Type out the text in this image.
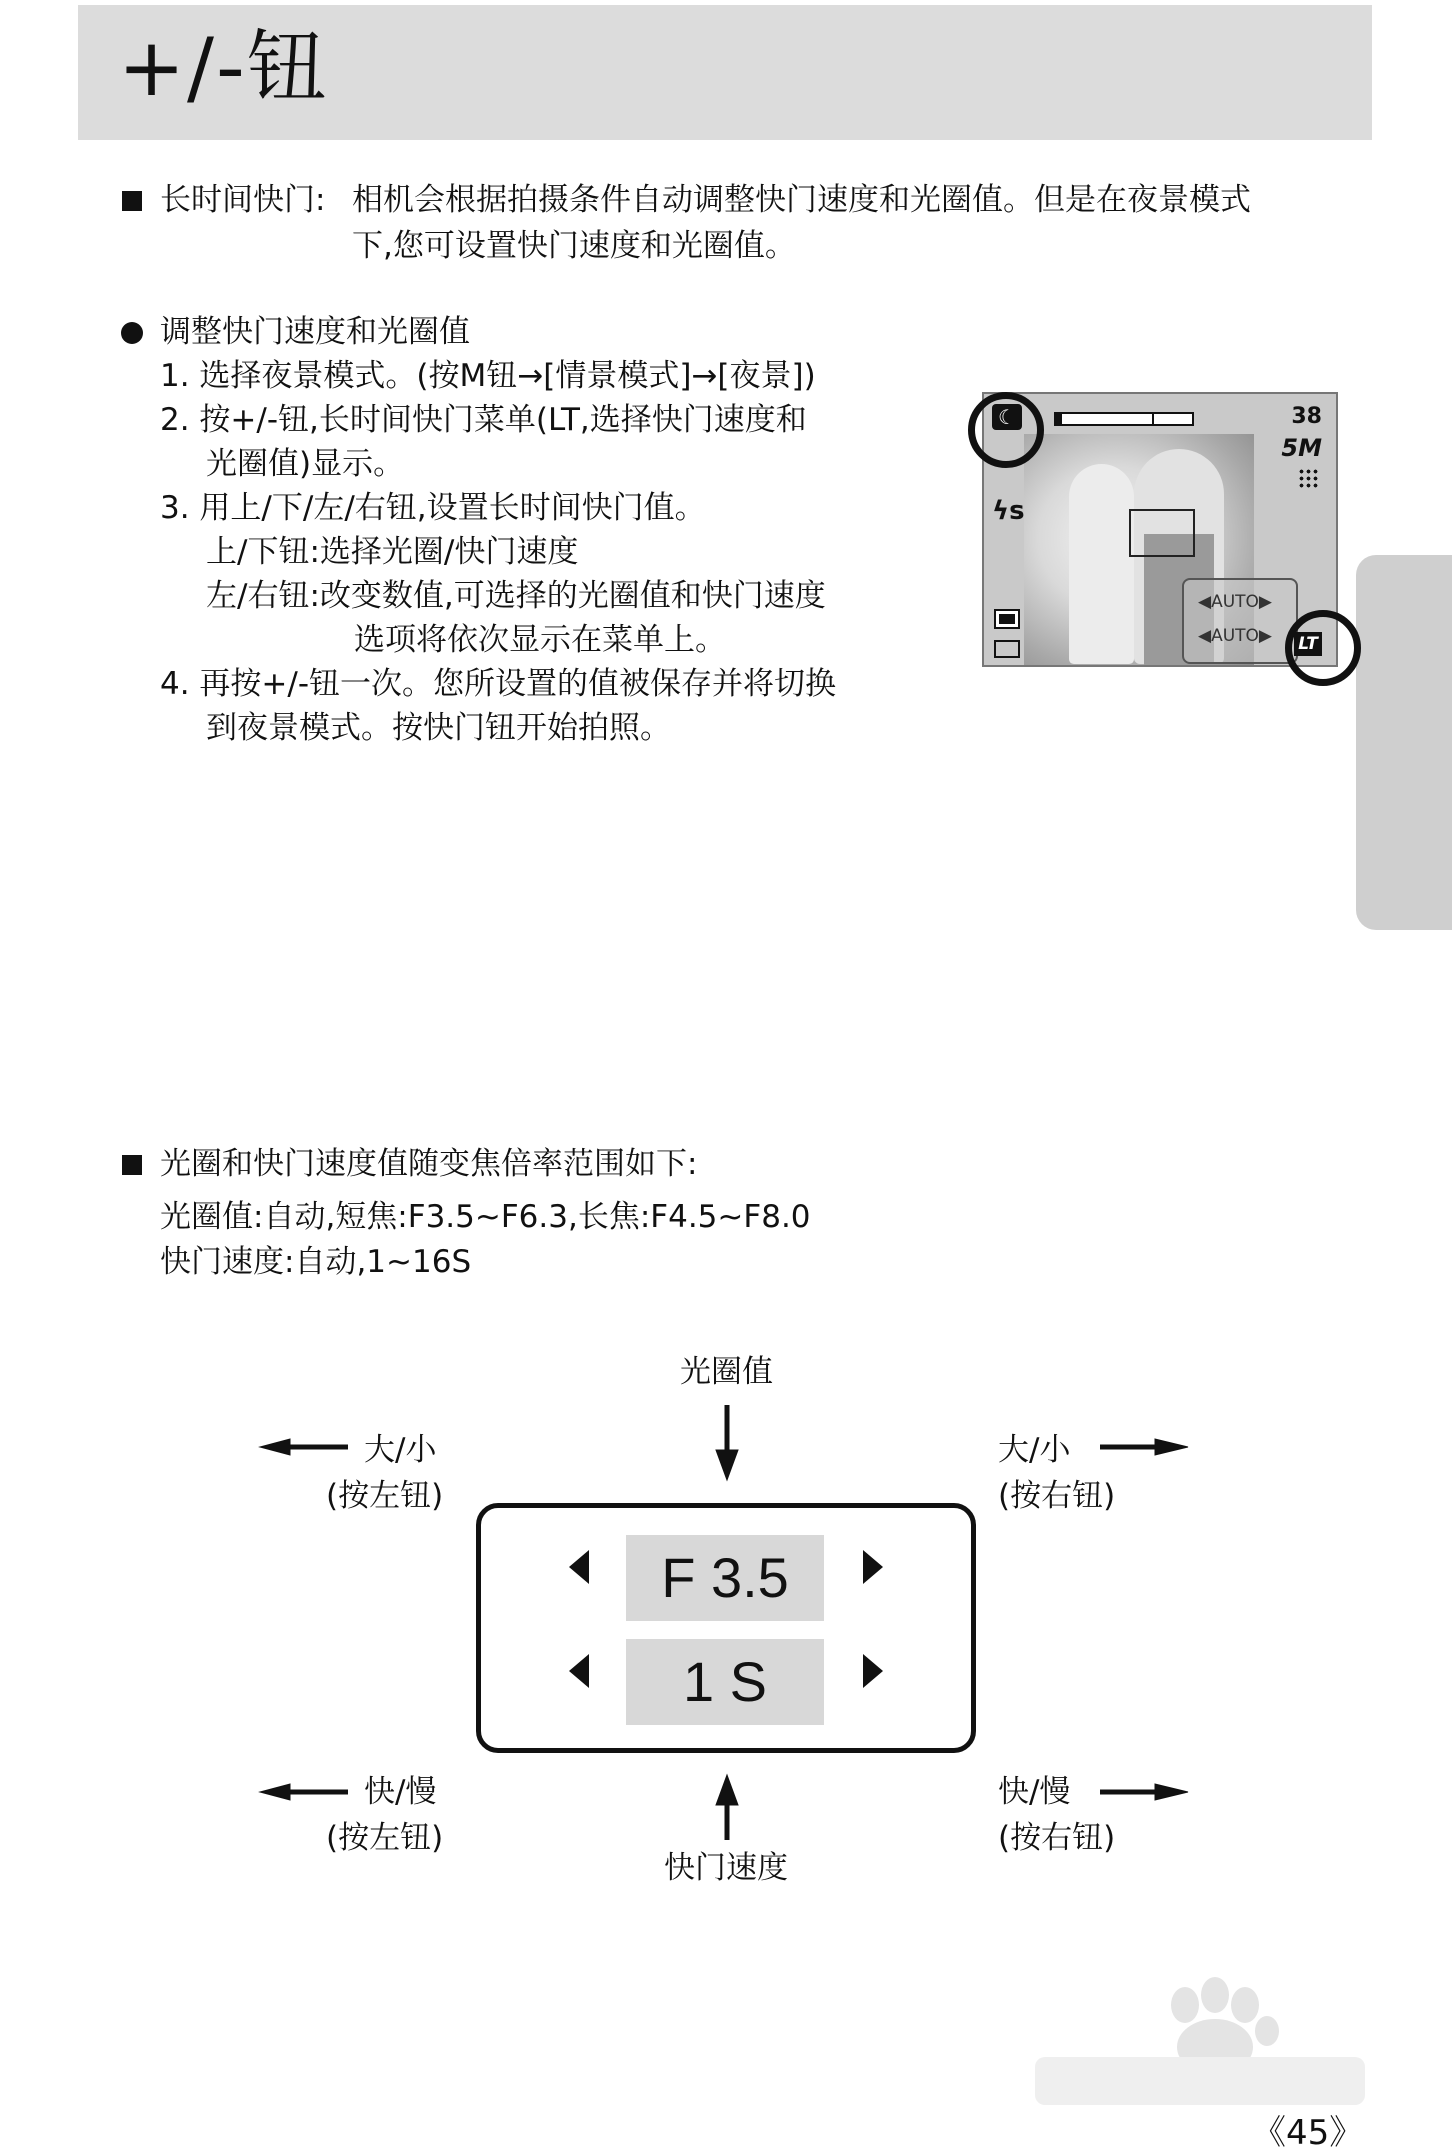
+/-钮
长时间快门: 相机会根据拍摄条件自动调整快门速度和光圈值。但是在夜景模式
下,您可设置快门速度和光圈值。
调整快门速度和光圈值
1. 选择夜景模式。(按M钮→[情景模式]→[夜景])
2. 按+/-钮,长时间快门菜单(LT,选择快门速度和
光圈值)显示。
3. 用上/下/左/右钮,设置长时间快门值。
上/下钮:选择光圈/快门速度
左/右钮:改变数值,可选择的光圈值和快门速度
选项将依次显示在菜单上。
4. 再按+/-钮一次。您所设置的值被保存并将切换
到夜景模式。按快门钮开始拍照。
38
5M
ϟs
☾
◀AUTO▶
◀AUTO▶ LT
光圈和快门速度值随变焦倍率范围如下:
光圈值:自动,短焦:F3.5~F6.3,长焦:F4.5~F8.0
快门速度:自动,1~16S
光圈值
大/小
(按左钮)
大/小
(按右钮)
快/慢
(按左钮)
快/慢
(按右钮)
F 3.5
1 S
快门速度
《45》
